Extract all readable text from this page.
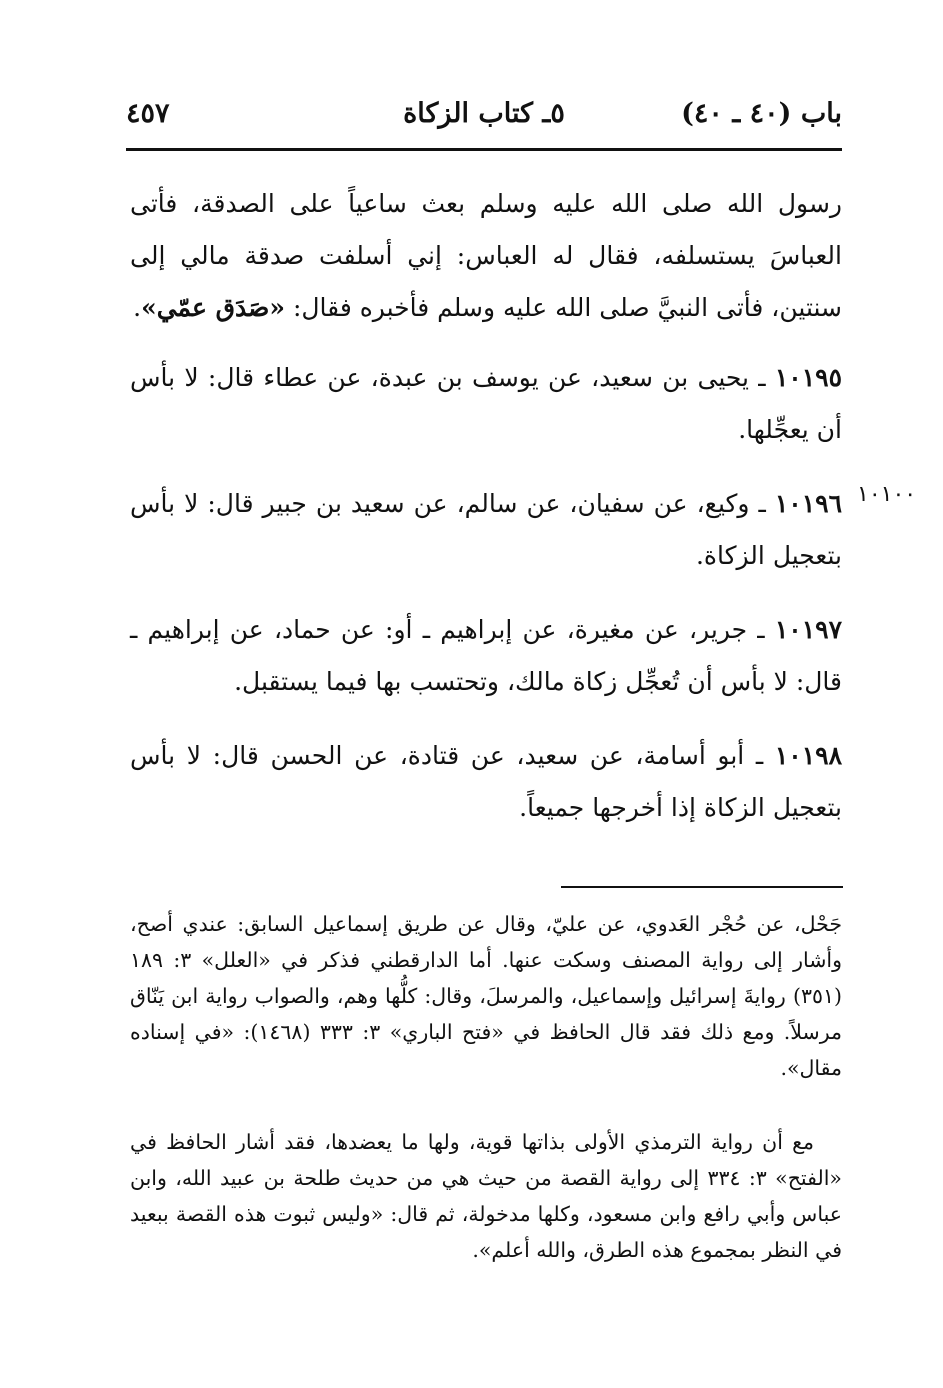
باب (٤٠ ـ ٤٠)
٥ـ كتاب الزكاة
٤٥٧
رسول الله صلى الله عليه وسلم بعث ساعياً على الصدقة، فأتى العباسَ يستسلفه، فقال له العباس: إني أسلفت صدقة مالي إلى سنتين، فأتى النبيَّ صلى الله عليه وسلم فأخبره فقال: «صَدَق عمّي».
١٠١٩٥ ـ يحيى بن سعيد، عن يوسف بن عبدة، عن عطاء قال: لا بأس أن يعجِّلها.
١٠١٠٠
١٠١٩٦ ـ وكيع، عن سفيان، عن سالم، عن سعيد بن جبير قال: لا بأس بتعجيل الزكاة.
١٠١٩٧ ـ جرير، عن مغيرة، عن إبراهيم ـ أو: عن حماد، عن إبراهيم ـ قال: لا بأس أن تُعجِّل زكاة مالك، وتحتسب بها فيما يستقبل.
١٠١٩٨ ـ أبو أسامة، عن سعيد، عن قتادة، عن الحسن قال: لا بأس بتعجيل الزكاة إذا أخرجها جميعاً.
جَحْل، عن حُجْر العَدوي، عن عليّ، وقال عن طريق إسماعيل السابق: عندي أصح، وأشار إلى رواية المصنف وسكت عنها. أما الدارقطني فذكر في «العلل» ٣: ١٨٩ (٣٥١) روايةَ إسرائيل وإسماعيل، والمرسلَ، وقال: كلُّها وهم، والصواب رواية ابن يَنّاق مرسلاً. ومع ذلك فقد قال الحافظ في «فتح الباري» ٣: ٣٣٣ (١٤٦٨): «في إسناده مقال».
مع أن رواية الترمذي الأولى بذاتها قوية، ولها ما يعضدها، فقد أشار الحافظ في «الفتح» ٣: ٣٣٤ إلى رواية القصة من حيث هي من حديث طلحة بن عبيد الله، وابن عباس وأبي رافع وابن مسعود، وكلها مدخولة، ثم قال: «وليس ثبوت هذه القصة ببعيد في النظر بمجموع هذه الطرق، والله أعلم».
